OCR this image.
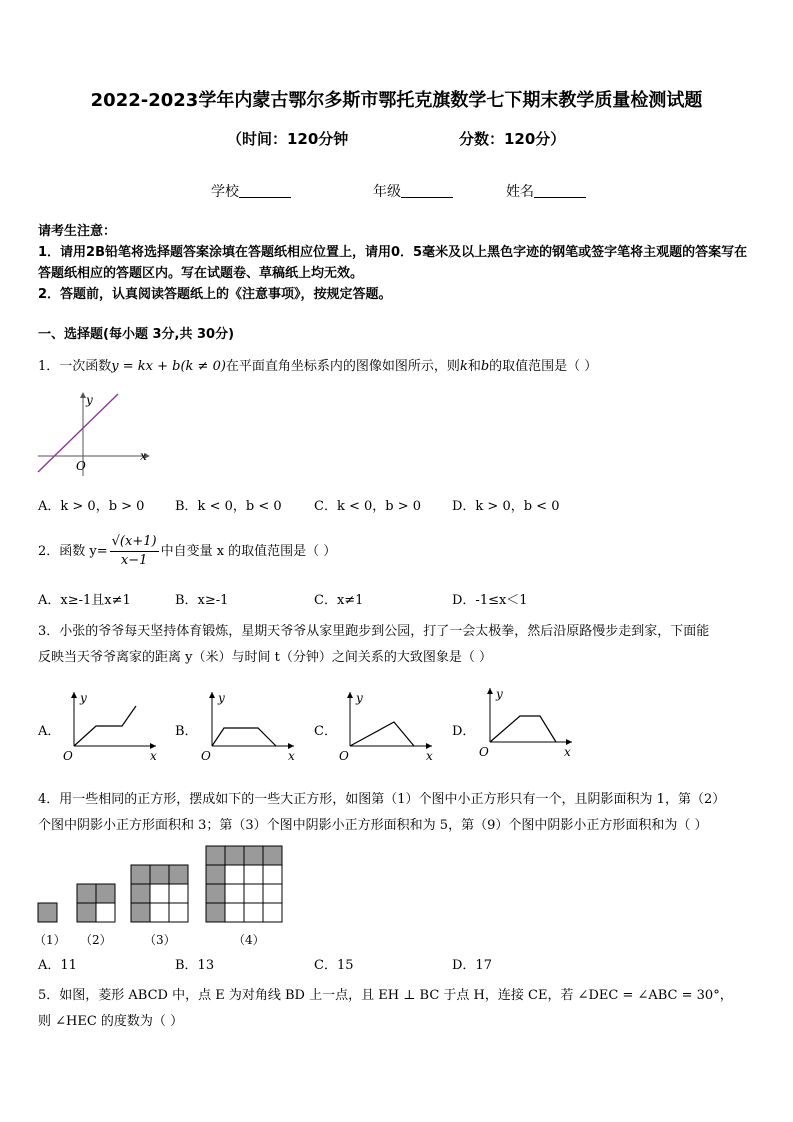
2022-2023学年内蒙古鄂尔多斯市鄂托克旗数学七下期末教学质量检测试题
（时间：120分钟	分数：120分）
学校	年级	姓名
请考生注意：
1．请用2B铅笔将选择题答案涂填在答题纸相应位置上，请用0．5毫米及以上黑色字迹的钢笔或签字笔将主观题的答案写在答题纸相应的答题区内。写在试题卷、草稿纸上均无效。
2．答题前，认真阅读答题纸上的《注意事项》，按规定答题。
一、选择题(每小题 3分,共 30分)
1．一次函数y = kx + b(k ≠ 0)在平面直角坐标系内的图像如图所示，则k和b的取值范围是（ ）
y
x
O
A．k > 0，b > 0	B．k < 0，b < 0	C．k < 0，b > 0	D．k > 0，b < 0
2．函数 $y= \frac{√(x+1)}{x-1}$ 中自变量 x 的取值范围是（ ）
A．x≥-1且x≠1	B．x≥-1	C．x≠1	D．-1≤x＜1
3．小张的爷爷每天坚持体育锻炼，星期天爷爷从家里跑步到公园，打了一会太极拳，然后沿原路慢步走到家，下面能
反映当天爷爷离家的距离 y（米）与时间 t（分钟）之间关系的大致图象是（ ）
A．
y
x
O
B．
y
x
O
C．
y
x
O
D．
y
x
O
4．用一些相同的正方形，摆成如下的一些大正方形，如图第（1）个图中小正方形只有一个，且阴影面积为 1，第（2）
个图中阴影小正方形面积和 3；第（3）个图中阴影小正方形面积和为 5，第（9）个图中阴影小正方形面积和为（ ）
（1） （2）	（3）	（4）
A．11	B．13	C．15	D．17
5．如图，菱形 ABCD 中，点 E 为对角线 BD 上一点，且 EH ⊥ BC 于点 H，连接 CE，若 ∠DEC = ∠ABC = 30°，
则 ∠HEC 的度数为（ ）
